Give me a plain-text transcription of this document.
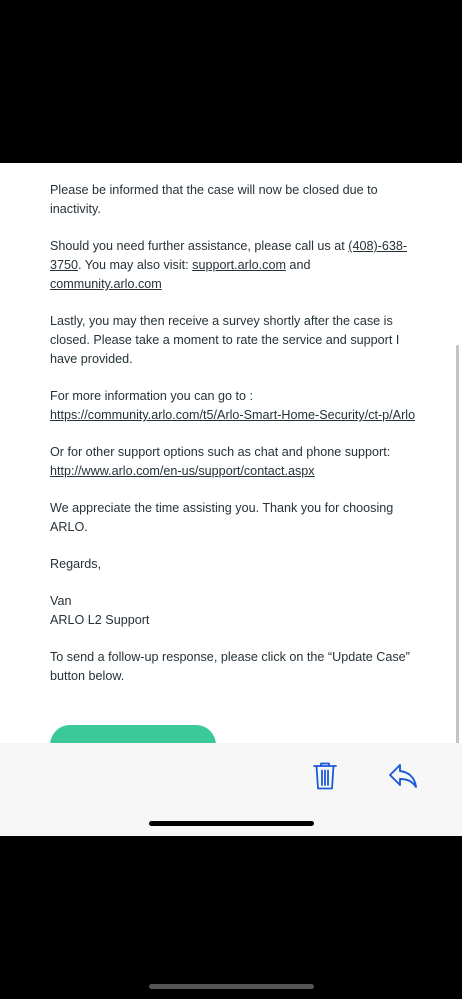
Please be informed that the case will now be closed due to inactivity.

Should you need further assistance, please call us at (408)-638-3750. You may also visit: support.arlo.com and community.arlo.com

Lastly, you may then receive a survey shortly after the case is closed. Please take a moment to rate the service and support I have provided.

For more information you can go to :
https://community.arlo.com/t5/Arlo-Smart-Home-Security/ct-p/Arlo

Or for other support options such as chat and phone support:
http://www.arlo.com/en-us/support/contact.aspx

We appreciate the time assisting you. Thank you for choosing ARLO.

Regards,

Van
ARLO L2 Support

To send a follow-up response, please click on the “Update Case” button below.
